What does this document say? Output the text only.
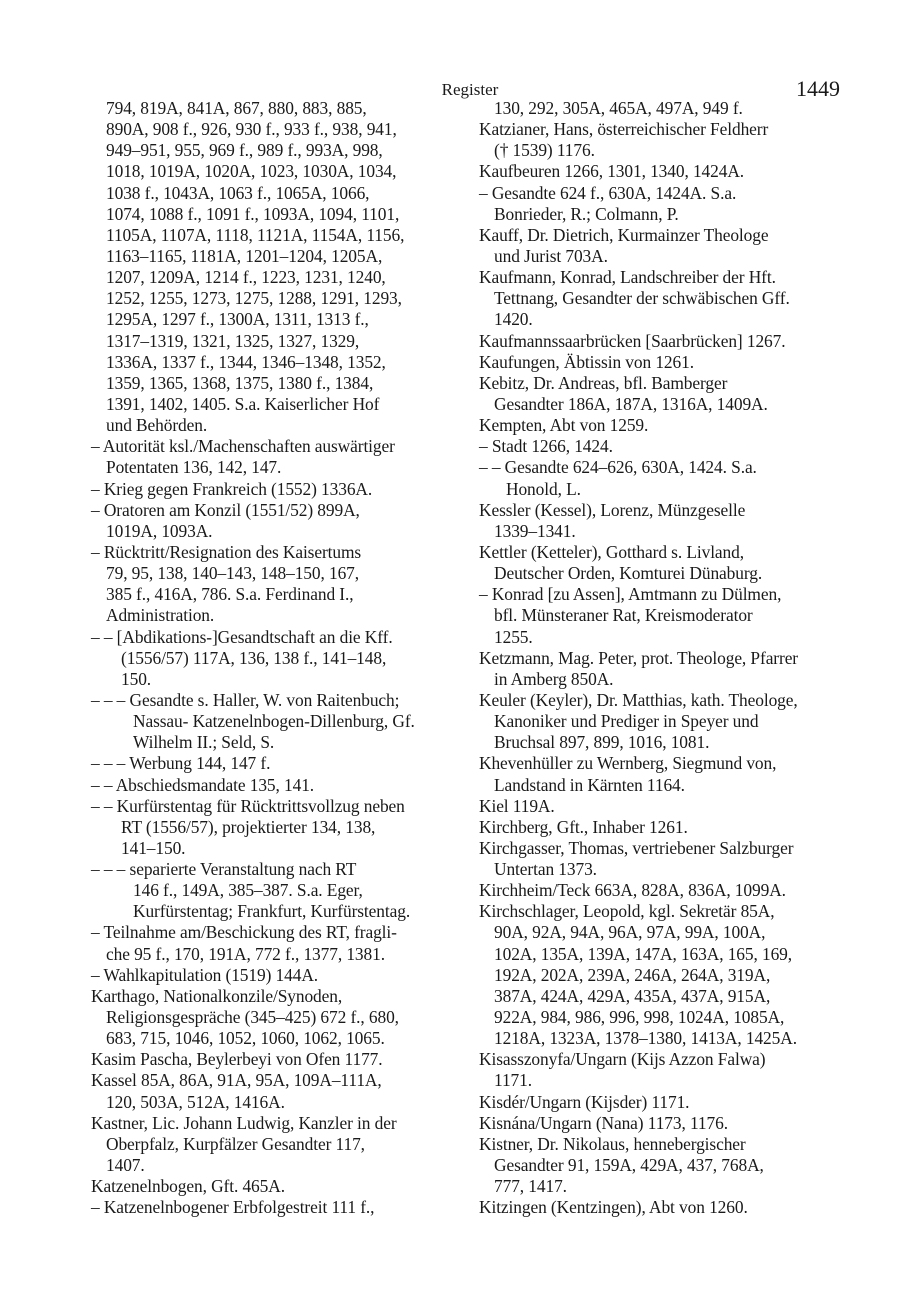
Register	1449
794, 819A, 841A, 867, 880, 883, 885,
890A, 908 f., 926, 930 f., 933 f., 938, 941,
949–951, 955, 969 f., 989 f., 993A, 998,
1018, 1019A, 1020A, 1023, 1030A, 1034,
1038 f., 1043A, 1063 f., 1065A, 1066,
1074, 1088 f., 1091 f., 1093A, 1094, 1101,
1105A, 1107A, 1118, 1121A, 1154A, 1156,
1163–1165, 1181A, 1201–1204, 1205A,
1207, 1209A, 1214 f., 1223, 1231, 1240,
1252, 1255, 1273, 1275, 1288, 1291, 1293,
1295A, 1297 f., 1300A, 1311, 1313 f.,
1317–1319, 1321, 1325, 1327, 1329,
1336A, 1337 f., 1344, 1346–1348, 1352,
1359, 1365, 1368, 1375, 1380 f., 1384,
1391, 1402, 1405. S.a. Kaiserlicher Hof
und Behörden.
– Autorität ksl./Machenschaften auswärtiger
Potentaten 136, 142, 147.
– Krieg gegen Frankreich (1552) 1336A.
– Oratoren am Konzil (1551/52) 899A,
1019A, 1093A.
– Rücktritt/Resignation des Kaisertums
79, 95, 138, 140–143, 148–150, 167,
385 f., 416A, 786. S.a. Ferdinand I.,
Administration.
– – [Abdikations-]Gesandtschaft an die Kff.
(1556/57) 117A, 136, 138 f., 141–148,
150.
– – – Gesandte s. Haller, W. von Raitenbuch;
Nassau- Katzenelnbogen-Dillenburg, Gf.
Wilhelm II.; Seld, S.
– – – Werbung 144, 147 f.
– – Abschiedsmandate 135, 141.
– – Kurfürstentag für Rücktrittsvollzug neben
RT (1556/57), projektierter 134, 138,
141–150.
– – – separierte Veranstaltung nach RT
146 f., 149A, 385–387. S.a. Eger,
Kurfürstentag; Frankfurt, Kurfürstentag.
– Teilnahme am/Beschickung des RT, fragli-
che 95 f., 170, 191A, 772 f., 1377, 1381.
– Wahlkapitulation (1519) 144A.
Karthago, Nationalkonzile/Synoden,
Religionsgespräche (345–425) 672 f., 680,
683, 715, 1046, 1052, 1060, 1062, 1065.
Kasim Pascha, Beylerbeyi von Ofen 1177.
Kassel 85A, 86A, 91A, 95A, 109A–111A,
120, 503A, 512A, 1416A.
Kastner, Lic. Johann Ludwig, Kanzler in der
Oberpfalz, Kurpfälzer Gesandter 117,
1407.
Katzenelnbogen, Gft. 465A.
– Katzenelnbogener Erbfolgestreit 111 f.,
130, 292, 305A, 465A, 497A, 949 f.
Katzianer, Hans, österreichischer Feldherr
(† 1539) 1176.
Kaufbeuren 1266, 1301, 1340, 1424A.
– Gesandte 624 f., 630A, 1424A. S.a.
Bonrieder, R.; Colmann, P.
Kauff, Dr. Dietrich, Kurmainzer Theologe
und Jurist 703A.
Kaufmann, Konrad, Landschreiber der Hft.
Tettnang, Gesandter der schwäbischen Gff.
1420.
Kaufmannssaarbrücken [Saarbrücken] 1267.
Kaufungen, Äbtissin von 1261.
Kebitz, Dr. Andreas, bfl. Bamberger
Gesandter 186A, 187A, 1316A, 1409A.
Kempten, Abt von 1259.
– Stadt 1266, 1424.
– – Gesandte 624–626, 630A, 1424. S.a.
Honold, L.
Kessler (Kessel), Lorenz, Münzgeselle
1339–1341.
Kettler (Ketteler), Gotthard s. Livland,
Deutscher Orden, Komturei Dünaburg.
– Konrad [zu Assen], Amtmann zu Dülmen,
bfl. Münsteraner Rat, Kreismoderator
1255.
Ketzmann, Mag. Peter, prot. Theologe, Pfarrer
in Amberg 850A.
Keuler (Keyler), Dr. Matthias, kath. Theologe,
Kanoniker und Prediger in Speyer und
Bruchsal 897, 899, 1016, 1081.
Khevenhüller zu Wernberg, Siegmund von,
Landstand in Kärnten 1164.
Kiel 119A.
Kirchberg, Gft., Inhaber 1261.
Kirchgasser, Thomas, vertriebener Salzburger
Untertan 1373.
Kirchheim/Teck 663A, 828A, 836A, 1099A.
Kirchschlager, Leopold, kgl. Sekretär 85A,
90A, 92A, 94A, 96A, 97A, 99A, 100A,
102A, 135A, 139A, 147A, 163A, 165, 169,
192A, 202A, 239A, 246A, 264A, 319A,
387A, 424A, 429A, 435A, 437A, 915A,
922A, 984, 986, 996, 998, 1024A, 1085A,
1218A, 1323A, 1378–1380, 1413A, 1425A.
Kisasszonyfa/Ungarn (Kijs Azzon Falwa)
1171.
Kisdér/Ungarn (Kijsder) 1171.
Kisnána/Ungarn (Nana) 1173, 1176.
Kistner, Dr. Nikolaus, hennebergischer
Gesandter 91, 159A, 429A, 437, 768A,
777, 1417.
Kitzingen (Kentzingen), Abt von 1260.
